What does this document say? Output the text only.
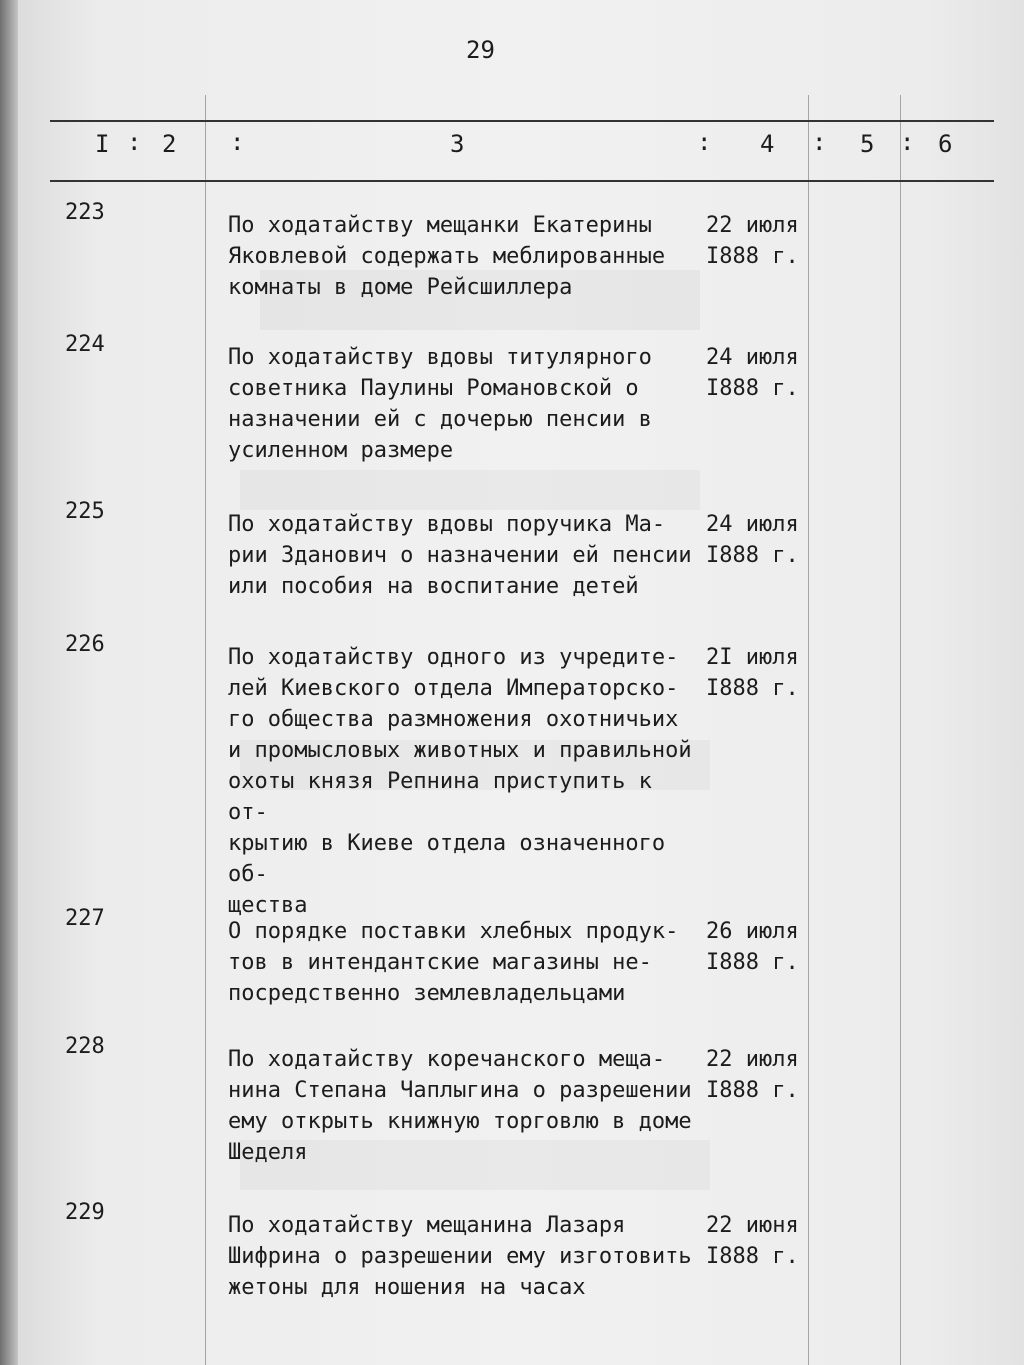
29
I : 2 :	3	: 4 : 5 : 6
223
По ходатайству мещанки Екатерины
Яковлевой содержать меблированные
комнаты в доме Рейсшиллера
22 июля
I888 г.
224
По ходатайству вдовы титулярного
советника Паулины Романовской о
назначении ей с дочерью пенсии в
усиленном размере
24 июля
I888 г.
225
По ходатайству вдовы поручика Ма-
рии Зданович о назначении ей пенсии
или пособия на воспитание детей
24 июля
I888 г.
226
По ходатайству одного из учредите-
лей Киевского отдела Императорско-
го общества размножения охотничьих
и промысловых животных и правильной
охоты князя Репнина приступить к от-
крытию в Киеве отдела означенного об-
щества
2I июля
I888 г.
227
О порядке поставки хлебных продук-
тов в интендантские магазины не-
посредственно землевладельцами
26 июля
I888 г.
228
По ходатайству коречанского меща-
нина Степана Чаплыгина о разрешении
ему открыть книжную торговлю в доме
Шеделя
22 июля
I888 г.
229
По ходатайству мещанина Лазаря
Шифрина о разрешении ему изготовить
жетоны для ношения на часах
22 июня
I888 г.
